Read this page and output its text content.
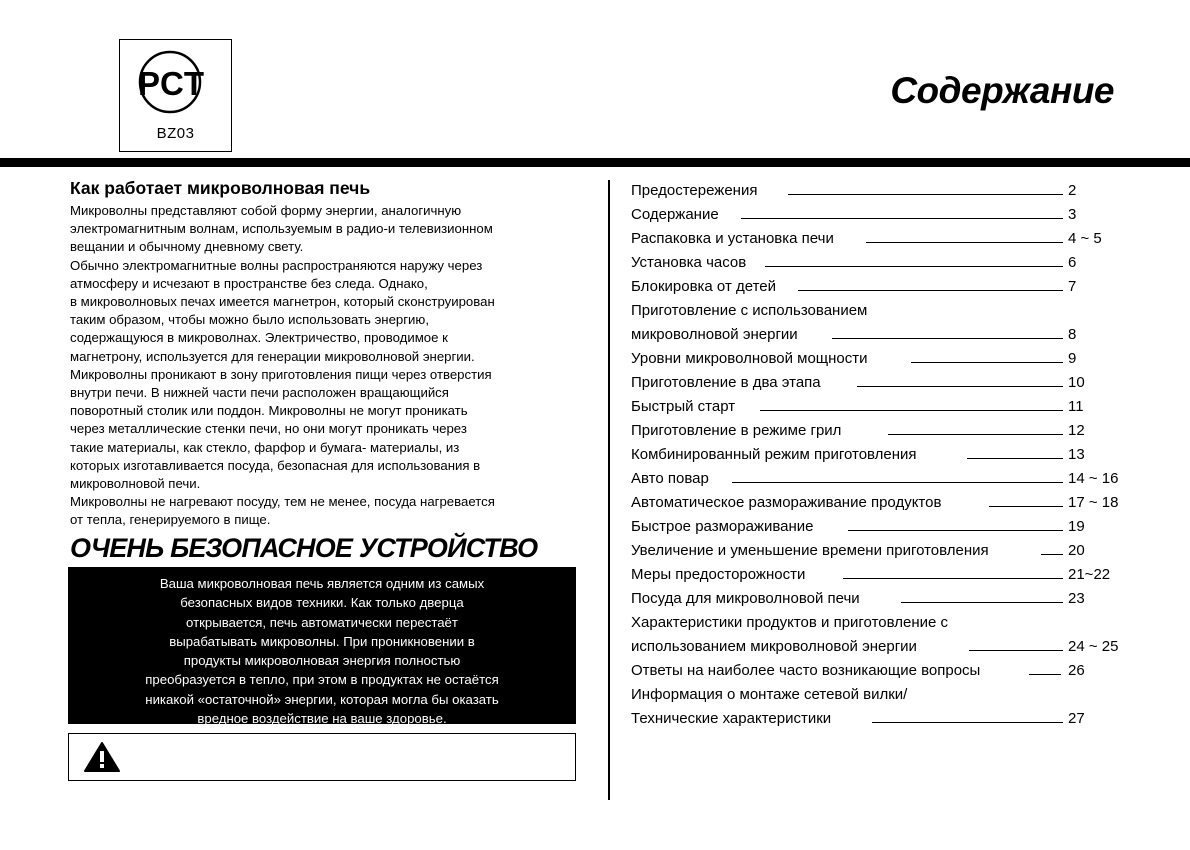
PCT
BZ03
Содержание
Как работает микроволновая печь
Микроволны представляют собой форму энергии, аналогичную
электромагнитным волнам, используемым в радио-и телевизионном
вещании и обычному дневному свету.
Обычно электромагнитные волны распространяются наружу через
атмосферу и исчезают в пространстве без следа. Однако,
в микроволновых печах имеется магнетрон, который сконструирован
таким образом, чтобы можно было использовать энергию,
содержащуюся в микроволнах. Электричество, проводимое к
магнетрону, используется для генерации микроволновой энергии.
Микроволны проникают в зону приготовления пищи через отверстия
внутри печи. В нижней части печи расположен вращающийся
поворотный столик или поддон. Микроволны не могут проникать
через металлические стенки печи, но они могут проникать через
такие материалы, как стекло, фарфор и бумага- материалы, из
которых изготавливается посуда, безопасная для использования в
микроволновой печи.
Микроволны не нагревают посуду, тем не менее, посуда нагревается
от тепла, генерируемого в пище.
ОЧЕНЬ БЕЗОПАСНОЕ УСТРОЙСТВО
Ваша микроволновая печь является одним из самых
безопасных видов техники. Как только дверца
открывается, печь автоматически перестаёт
вырабатывать микроволны. При проникновении в
продукты микроволновая энергия полностью
преобразуется в тепло, при этом в продуктах не остаётся
никакой «остаточной» энергии, которая могла бы оказать
вредное воздействие на ваше здоровье.
Предостережения	2
Содержание	3
Распаковка и установка печи	4 ~ 5
Установка часов	6
Блокировка от детей	7
Приготовление с использованием
микроволновой энергии	8
Уровни микроволновой мощности	9
Приготовление в два этапа	10
Быстрый старт	11
Приготовление в режиме грил	12
Комбинированный режим приготовления	13
Авто повар	14 ~ 16
Автоматическое размораживание продуктов	17 ~ 18
Быстрое размораживание	19
Увеличение и уменьшение времени приготовления	20
Меры предосторожности	21~22
Посуда для микроволновой печи	23
Характеристики продуктов и приготовление с
использованием микроволновой энергии	24 ~ 25
Ответы на наиболее часто возникающие вопросы	26
Информация о монтаже сетевой вилки/
Технические характеристики	27
